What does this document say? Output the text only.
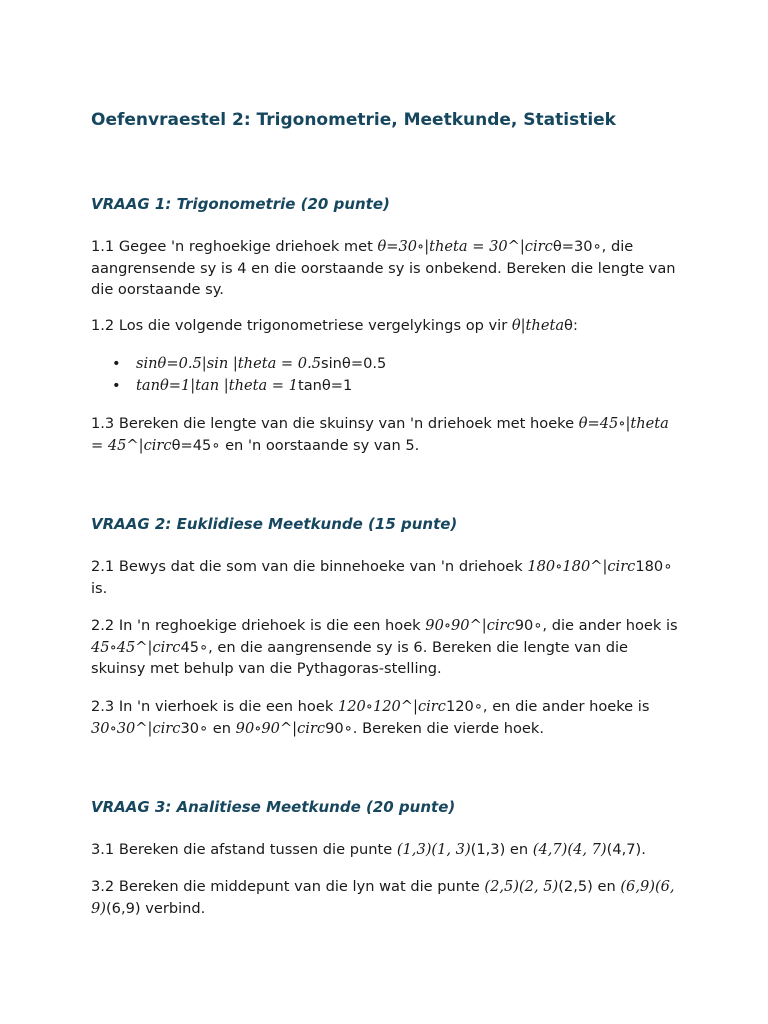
Oefenvraestel 2: Trigonometrie, Meetkunde, Statistiek
VRAAG 1: Trigonometrie (20 punte)

1.1 Gegee 'n reghoekige driehoek met θ=30∘|theta = 30^|circθ=30∘, die aangrensende sy is 4 en die oorstaande sy is onbekend. Bereken die lengte van die oorstaande sy.

1.2 Los die volgende trigonometriese vergelykings op vir θ|thetaθ:

• sinθ=0.5|sin |theta = 0.5sinθ=0.5
• tanθ=1|tan |theta = 1tanθ=1

1.3 Bereken die lengte van die skuinsy van 'n driehoek met hoeke θ=45∘|theta = 45^|circθ=45∘ en 'n oorstaande sy van 5.

VRAAG 2: Euklidiese Meetkunde (15 punte)

2.1 Bewys dat die som van die binnehoeke van 'n driehoek 180∘180^|circ180∘ is.

2.2 In 'n reghoekige driehoek is die een hoek 90∘90^|circ90∘, die ander hoek is 45∘45^|circ45∘, en die aangrensende sy is 6. Bereken die lengte van die skuinsy met behulp van die Pythagoras-stelling.

2.3 In 'n vierhoek is die een hoek 120∘120^|circ120∘, en die ander hoeke is 30∘30^|circ30∘ en 90∘90^|circ90∘. Bereken die vierde hoek.

VRAAG 3: Analitiese Meetkunde (20 punte)

3.1 Bereken die afstand tussen die punte (1,3)(1, 3)(1,3) en (4,7)(4, 7)(4,7).

3.2 Bereken die middepunt van die lyn wat die punte (2,5)(2, 5)(2,5) en (6,9)(6, 9)(6,9) verbind.
